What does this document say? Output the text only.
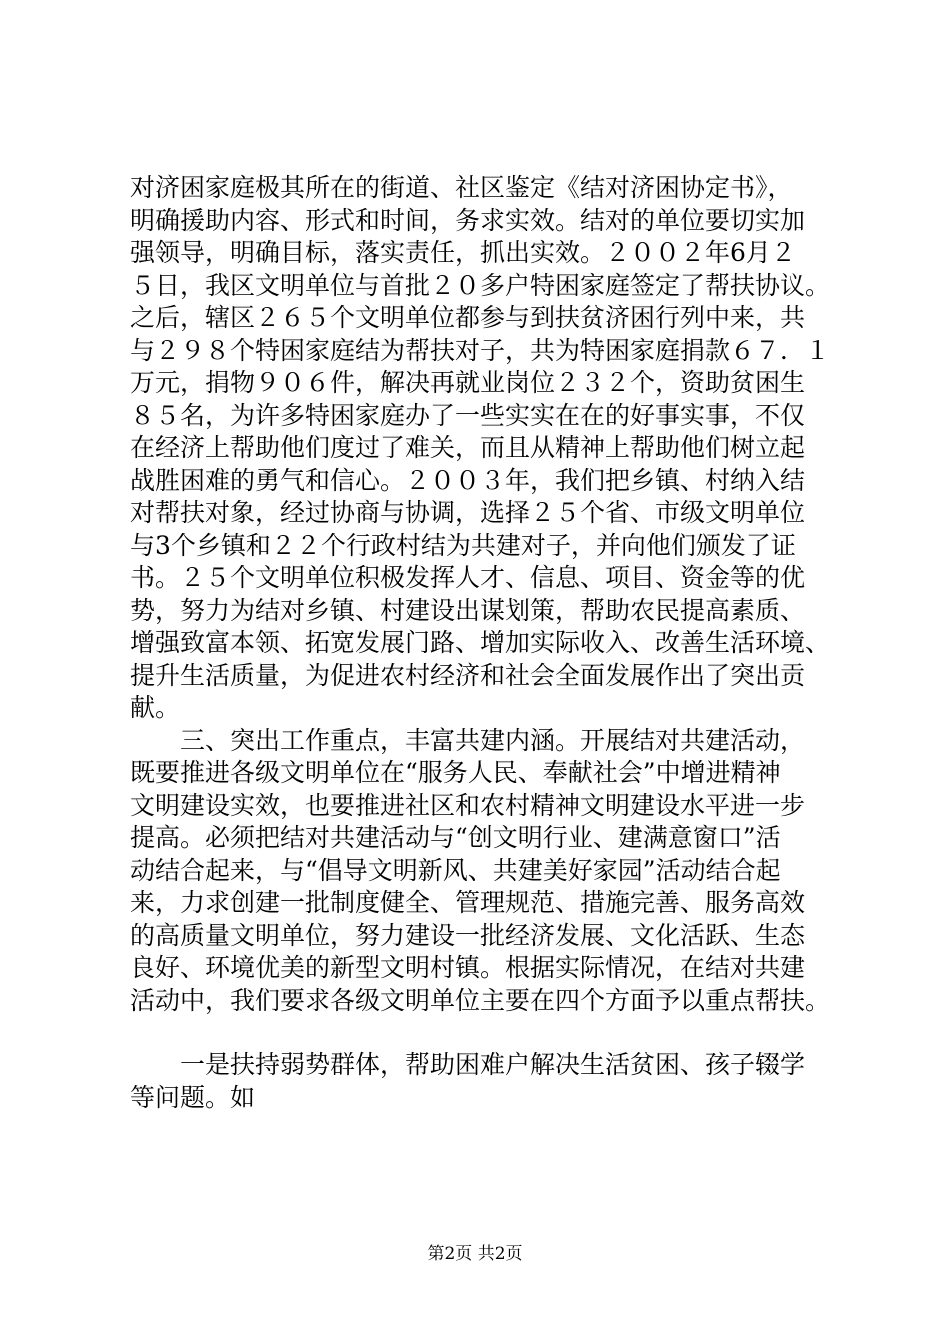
对济困家庭极其所在的街道、社区鉴定《结对济困协定书》，
明确援助内容、形式和时间，务求实效。结对的单位要切实加
强领导，明确目标，落实责任，抓出实效。２００２年6月２
５日，我区文明单位与首批２０多户特困家庭签定了帮扶协议。
之后，辖区２６５个文明单位都参与到扶贫济困行列中来，共
与２９８个特困家庭结为帮扶对子，共为特困家庭捐款６７．１
万元，捐物９０６件，解决再就业岗位２３２个，资助贫困生
８５名，为许多特困家庭办了一些实实在在的好事实事，不仅
在经济上帮助他们度过了难关，而且从精神上帮助他们树立起
战胜困难的勇气和信心。２００３年，我们把乡镇、村纳入结
对帮扶对象，经过协商与协调，选择２５个省、市级文明单位
与3个乡镇和２２个行政村结为共建对子，并向他们颁发了证
书。２５个文明单位积极发挥人才、信息、项目、资金等的优
势，努力为结对乡镇、村建设出谋划策，帮助农民提高素质、
增强致富本领、拓宽发展门路、增加实际收入、改善生活环境、
提升生活质量，为促进农村经济和社会全面发展作出了突出贡
献。
三、突出工作重点，丰富共建内涵。开展结对共建活动，
既要推进各级文明单位在“服务人民、奉献社会”中增进精神
文明建设实效，也要推进社区和农村精神文明建设水平进一步
提高。必须把结对共建活动与“创文明行业、建满意窗口”活
动结合起来，与“倡导文明新风、共建美好家园”活动结合起
来，力求创建一批制度健全、管理规范、措施完善、服务高效
的高质量文明单位，努力建设一批经济发展、文化活跃、生态
良好、环境优美的新型文明村镇。根据实际情况，在结对共建
活动中，我们要求各级文明单位主要在四个方面予以重点帮扶。
一是扶持弱势群体，帮助困难户解决生活贫困、孩子辍学
等问题。如
第2页 共2页
